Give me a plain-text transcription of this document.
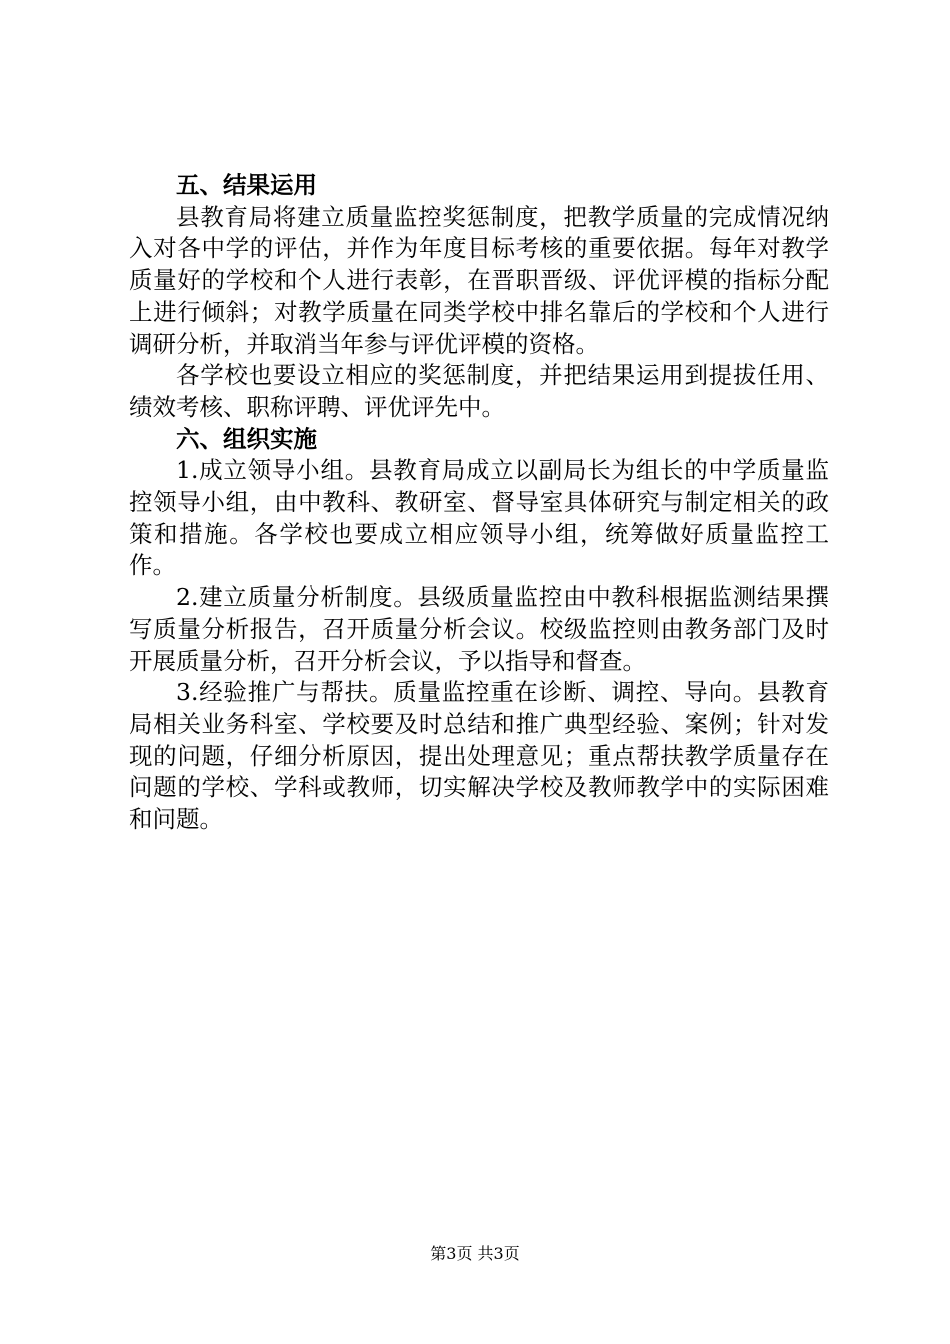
五、结果运用

县教育局将建立质量监控奖惩制度，把教学质量的完成情况纳入对各中学的评估，并作为年度目标考核的重要依据。每年对教学质量好的学校和个人进行表彰，在晋职晋级、评优评模的指标分配上进行倾斜；对教学质量在同类学校中排名靠后的学校和个人进行调研分析，并取消当年参与评优评模的资格。

各学校也要设立相应的奖惩制度，并把结果运用到提拔任用、绩效考核、职称评聘、评优评先中。

六、组织实施

1.成立领导小组。县教育局成立以副局长为组长的中学质量监控领导小组，由中教科、教研室、督导室具体研究与制定相关的政策和措施。各学校也要成立相应领导小组，统筹做好质量监控工作。

2.建立质量分析制度。县级质量监控由中教科根据监测结果撰写质量分析报告，召开质量分析会议。校级监控则由教务部门及时开展质量分析，召开分析会议，予以指导和督查。

3.经验推广与帮扶。质量监控重在诊断、调控、导向。县教育局相关业务科室、学校要及时总结和推广典型经验、案例；针对发现的问题，仔细分析原因，提出处理意见；重点帮扶教学质量存在问题的学校、学科或教师，切实解决学校及教师教学中的实际困难和问题。

第3页 共3页
